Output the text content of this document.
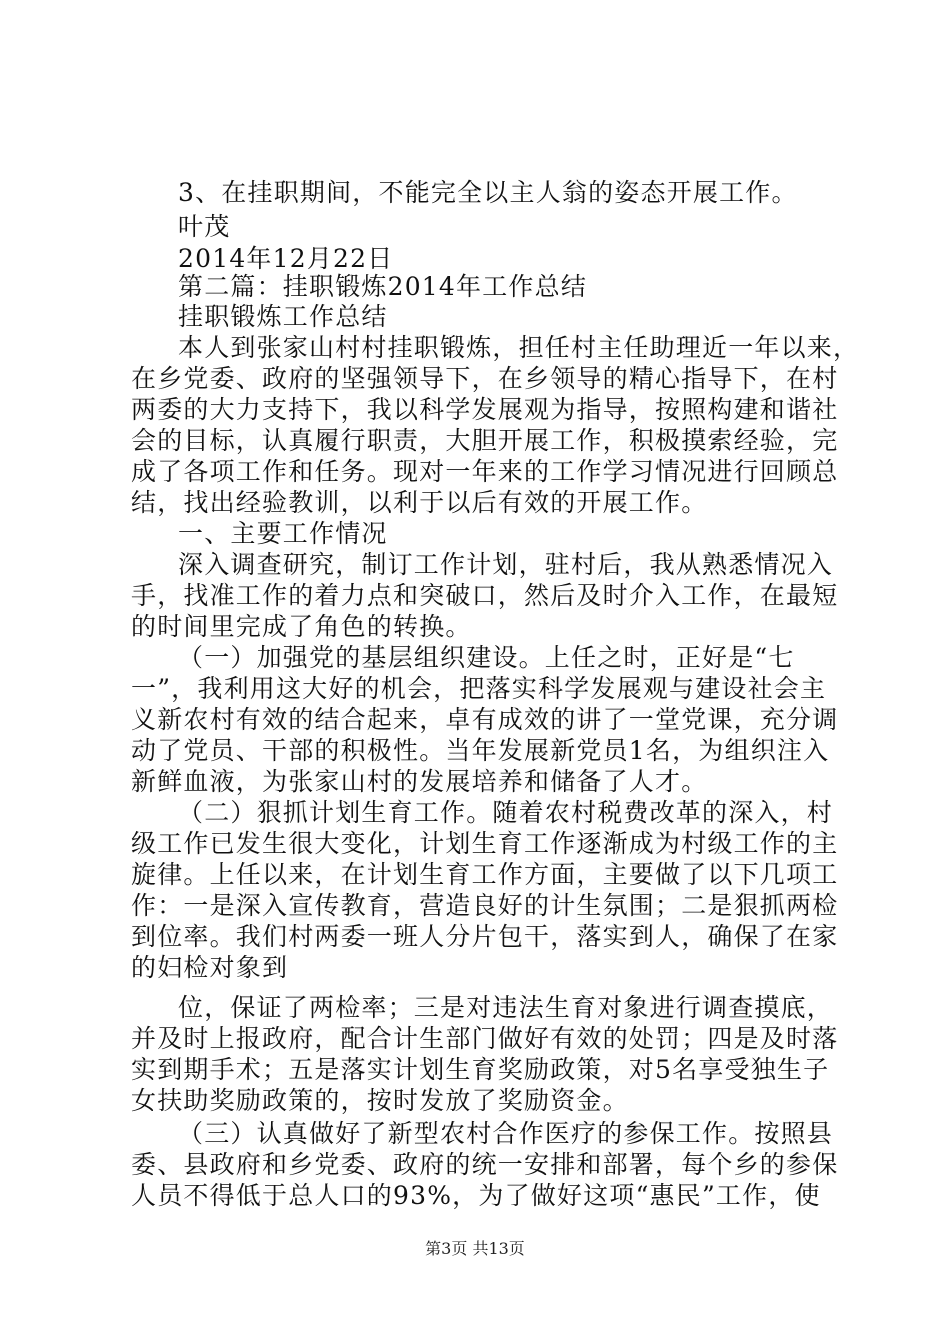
3、在挂职期间，不能完全以主人翁的姿态开展工作。
叶茂
2014年12月22日
第二篇：挂职锻炼2014年工作总结
挂职锻炼工作总结
本人到张家山村村挂职锻炼，担任村主任助理近一年以来，
在乡党委、政府的坚强领导下，在乡领导的精心指导下，在村
两委的大力支持下，我以科学发展观为指导，按照构建和谐社
会的目标，认真履行职责，大胆开展工作，积极摸索经验，完
成了各项工作和任务。现对一年来的工作学习情况进行回顾总
结，找出经验教训，以利于以后有效的开展工作。
一、主要工作情况
深入调查研究，制订工作计划，驻村后，我从熟悉情况入
手，找准工作的着力点和突破口，然后及时介入工作，在最短
的时间里完成了角色的转换。
（一）加强党的基层组织建设。上任之时，正好是“七
一”，我利用这大好的机会，把落实科学发展观与建设社会主
义新农村有效的结合起来，卓有成效的讲了一堂党课，充分调
动了党员、干部的积极性。当年发展新党员1名，为组织注入
新鲜血液，为张家山村的发展培养和储备了人才。
（二）狠抓计划生育工作。随着农村税费改革的深入，村
级工作已发生很大变化，计划生育工作逐渐成为村级工作的主
旋律。上任以来，在计划生育工作方面，主要做了以下几项工
作：一是深入宣传教育，营造良好的计生氛围；二是狠抓两检
到位率。我们村两委一班人分片包干，落实到人，确保了在家
的妇检对象到
位，保证了两检率；三是对违法生育对象进行调查摸底，
并及时上报政府，配合计生部门做好有效的处罚；四是及时落
实到期手术；五是落实计划生育奖励政策，对5名享受独生子
女扶助奖励政策的，按时发放了奖励资金。
（三）认真做好了新型农村合作医疗的参保工作。按照县
委、县政府和乡党委、政府的统一安排和部署，每个乡的参保
人员不得低于总人口的93%，为了做好这项“惠民”工作，使
第3页 共13页
